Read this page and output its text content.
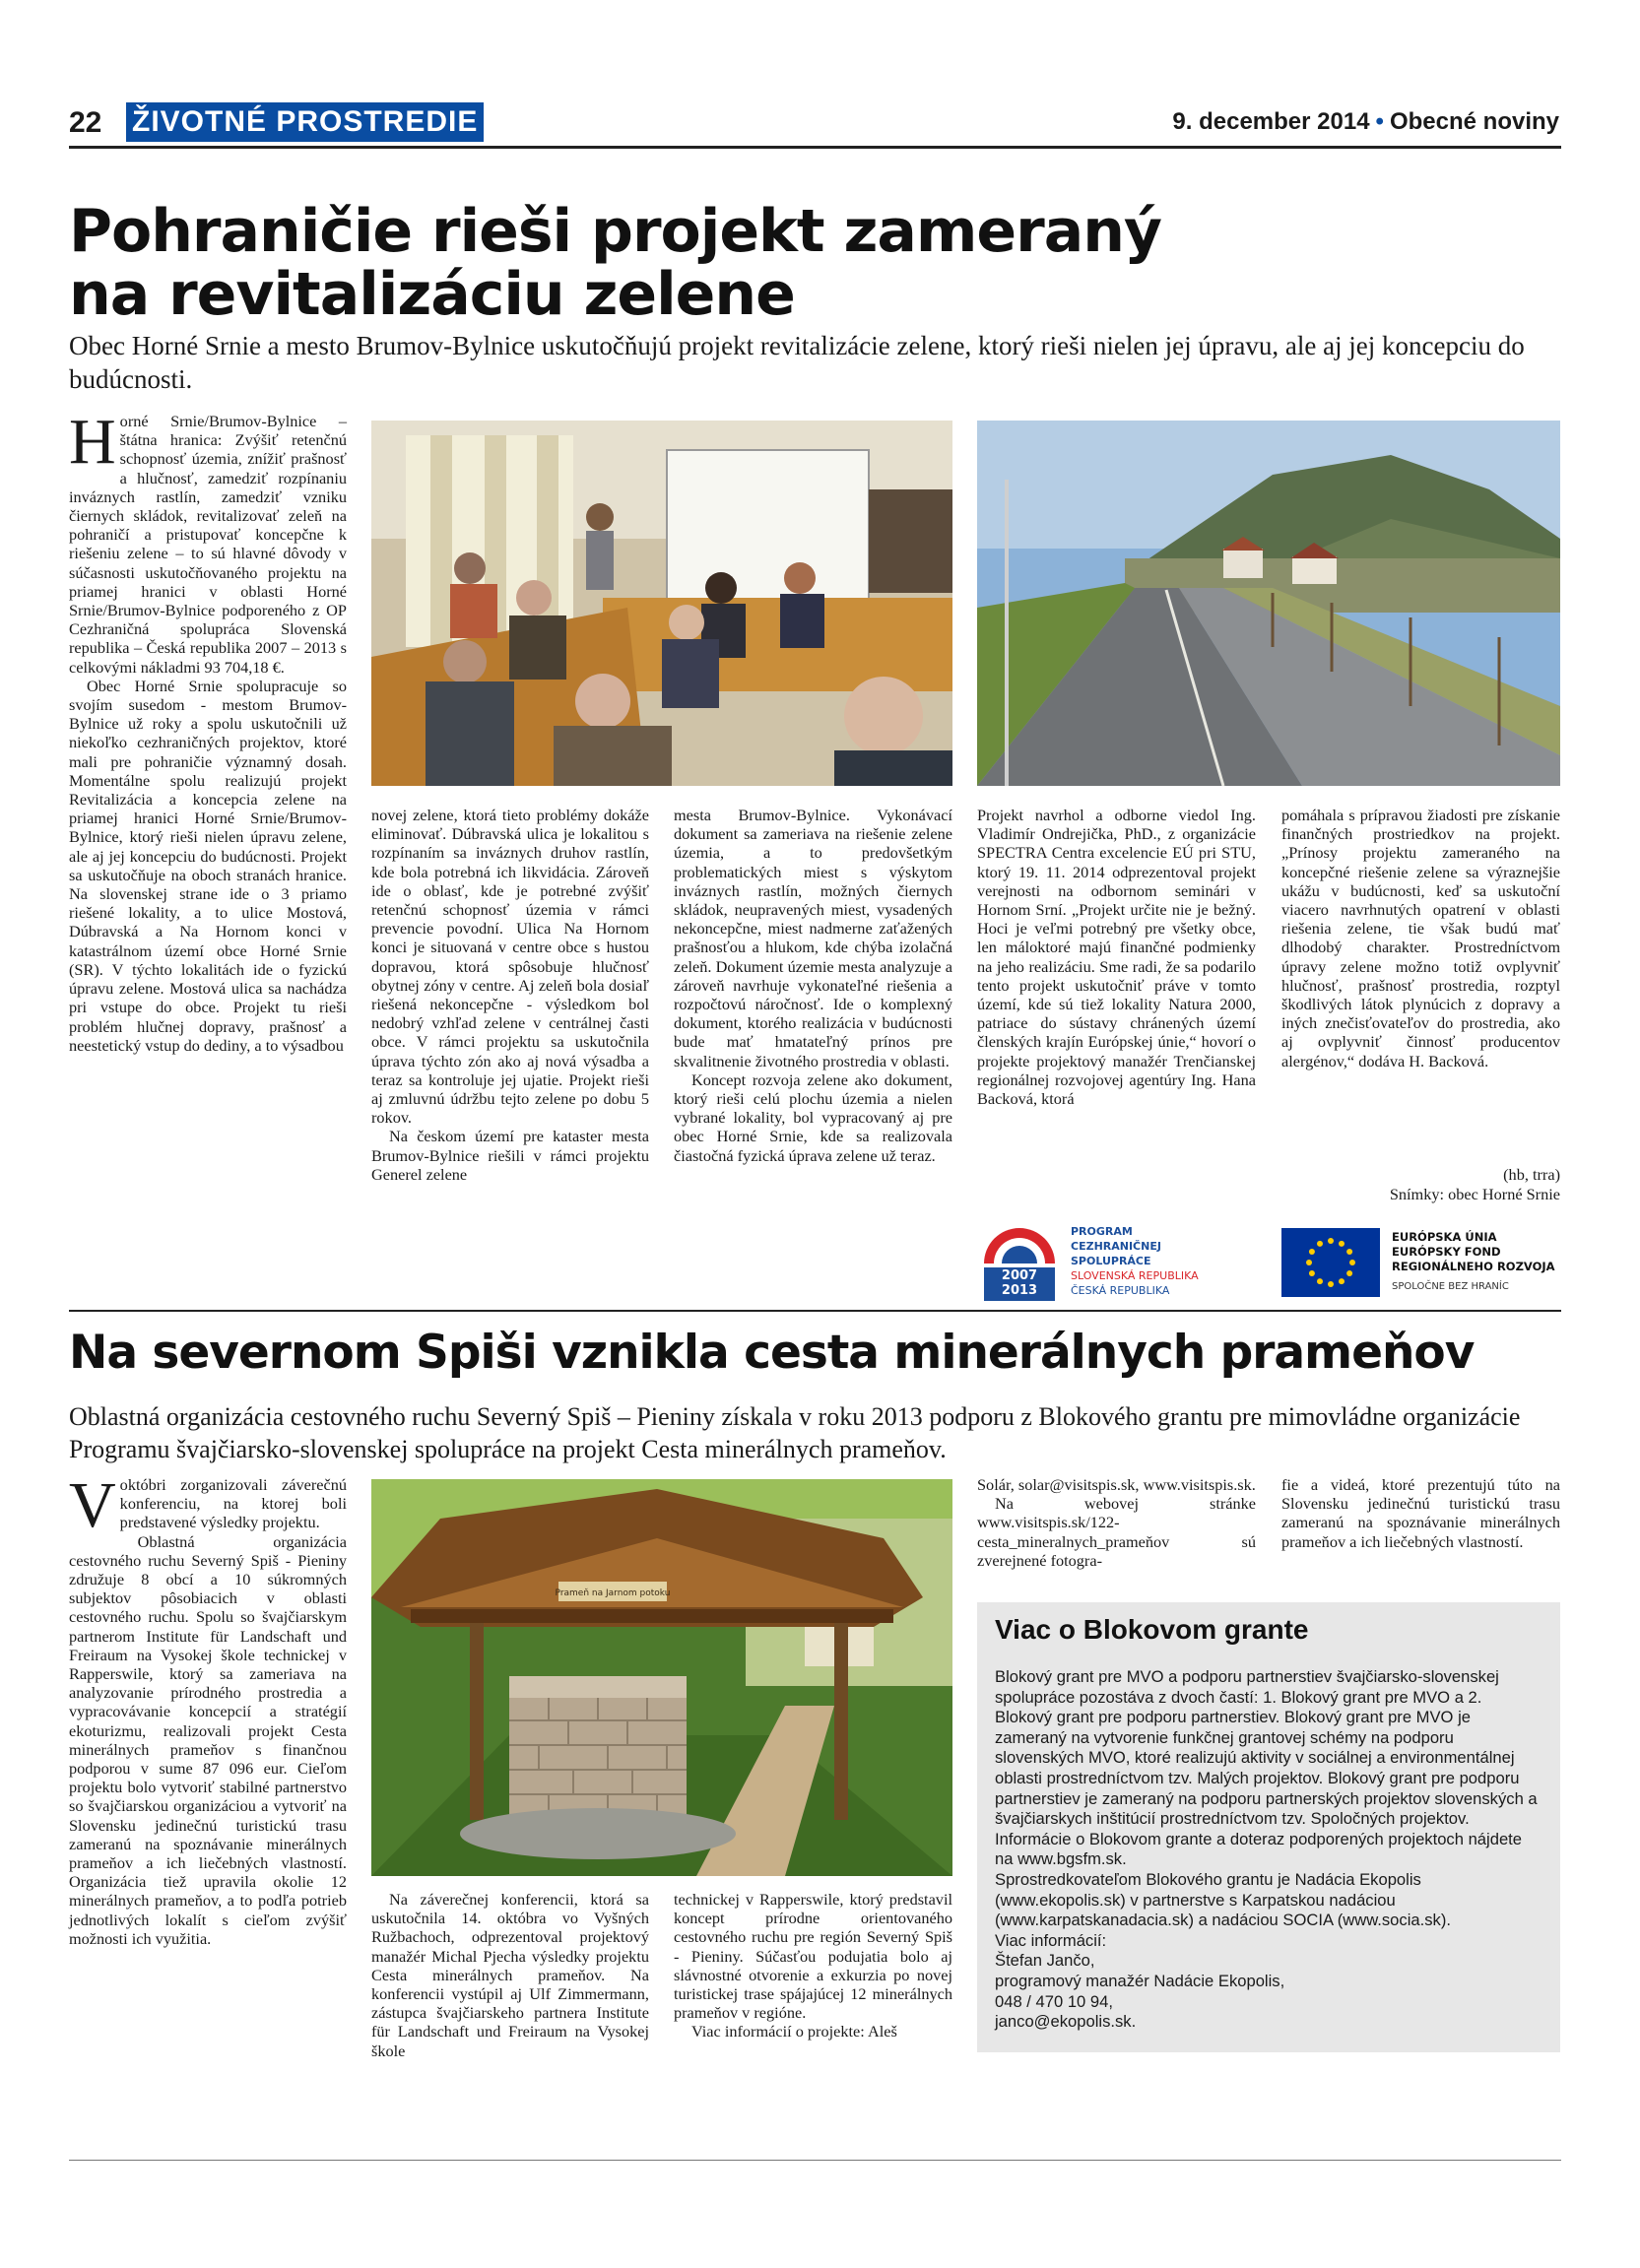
22 ŽIVOTNÉ PROSTREDIE	9. december 2014 • Obecné noviny
Pohraničie rieši projekt zameraný
na revitalizáciu zelene
Obec Horné Srnie a mesto Brumov-Bylnice uskutočňujú projekt revitalizácie zelene, ktorý rieši nielen jej úpravu, ale aj jej koncepciu do budúcnosti.

Horné Srnie/Brumov-Bylnice – štátna hranica: Zvýšiť retenčnú schopnosť územia, znížiť prašnosť a hlučnosť, zamedziť rozpínaniu inváznych rastlín, zamedziť vzniku čiernych skládok, revitalizovať zeleň na pohraničí a pristupovať koncepčne k riešeniu zelene – to sú hlavné dôvody v súčasnosti uskutočňovaného projektu na priamej hranici v oblasti Horné Srnie/Brumov-Bylnice podporeného z OP Cezhraničná spolupráca Slovenská republika – Česká republika 2007 – 2013 s celkovými nákladmi 93 704,18 €.

Obec Horné Srnie spolupracuje so svojím susedom - mestom Brumov-Bylnice už roky a spolu uskutočnili už niekoľko cezhraničných projektov, ktoré mali pre pohraničie významný dosah. Momentálne spolu realizujú projekt Revitalizácia a koncepcia zelene na priamej hranici Horné Srnie/Brumov-Bylnice, ktorý rieši nielen úpravu zelene, ale aj jej koncepciu do budúcnosti. Projekt sa uskutočňuje na oboch stranách hranice. Na slovenskej strane ide o 3 priamo riešené lokality, a to ulice Mostová, Dúbravská a Na Hornom konci v katastrálnom území obce Horné Srnie (SR). V týchto lokalitách ide o fyzickú úpravu zelene. Mostová ulica sa nachádza pri vstupe do obce. Projekt tu rieši problém hlučnej dopravy, prašnosť a neestetický vstup do dediny, a to výsadbou

novej zelene, ktorá tieto problémy dokáže eliminovať. Dúbravská ulica je lokalitou s rozpínaním sa inváznych druhov rastlín, kde bola potrebná ich likvidácia. Zároveň ide o oblasť, kde je potrebné zvýšiť retenčnú schopnosť územia v rámci prevencie povodní. Ulica Na Hornom konci je situovaná v centre obce s hustou dopravou, ktorá spôsobuje hlučnosť obytnej zóny v centre. Aj zeleň bola dosiaľ riešená nekoncepčne - výsledkom bol nedobrý vzhľad zelene v centrálnej časti obce. V rámci projektu sa uskutočnila úprava týchto zón ako aj nová výsadba a teraz sa kontroluje jej ujatie. Projekt rieši aj zmluvnú údržbu tejto zelene po dobu 5 rokov.

Na českom území pre kataster mesta Brumov-Bylnice riešili v rámci projektu Generel zelene

mesta Brumov-Bylnice. Vykonávací dokument sa zameriava na riešenie zelene územia, a to predovšetkým problematických miest s výskytom inváznych rastlín, možných čiernych skládok, neupravených miest, vysadených nekoncepčne, miest nadmerne zaťažených prašnosťou a hlukom, kde chýba izolačná zeleň. Dokument územie mesta analyzuje a zároveň navrhuje vykonateľné riešenia a rozpočtovú náročnosť. Ide o komplexný dokument, ktorého realizácia v budúcnosti bude mať hmatateľný prínos pre skvalitnenie životného prostredia v oblasti.

Koncept rozvoja zelene ako dokument, ktorý rieši celú plochu územia a nielen vybrané lokality, bol vypracovaný aj pre obec Horné Srnie, kde sa realizovala čiastočná fyzická úprava zelene už teraz.

Projekt navrhol a odborne viedol Ing. Vladimír Ondrejička, PhD., z organizácie SPECTRA Centra excelencie EÚ pri STU, ktorý 19. 11. 2014 odprezentoval projekt verejnosti na odbornom seminári v Hornom Srní. „Projekt určite nie je bežný. Hoci je veľmi potrebný pre všetky obce, len máloktoré majú finančné podmienky na jeho realizáciu. Sme radi, že sa podarilo tento projekt uskutočniť práve v tomto území, kde sú tiež lokality Natura 2000, patriace do sústavy chránených území členských krajín Európskej únie,“ hovorí o projekte projektový manažér Trenčianskej regionálnej rozvojovej agentúry Ing. Hana Backová, ktorá

pomáhala s prípravou žiadosti pre získanie finančných prostriedkov na projekt. „Prínosy projektu zameraného na koncepčné riešenie zelene sa výraznejšie ukážu v budúcnosti, keď sa uskutoční viacero navrhnutých opatrení v oblasti riešenia zelene, tie však budú mať dlhodobý charakter. Prostredníctvom úpravy zelene možno totiž ovplyvniť hlučnosť, prašnosť prostredia, rozptyl škodlivých látok plynúcich z dopravy a iných znečisťovateľov do prostredia, ako aj ovplyvniť činnosť producentov alergénov,“ dodáva H. Backová.

(hb, trra)
Snímky: obec Horné Srnie
2007
2013
PROGRAM
CEZHRANIČNEJ
SPOLUPRÁCE
SLOVENSKÁ REPUBLIKA
ČESKÁ REPUBLIKA
EURÓPSKA ÚNIA
EURÓPSKY FOND
REGIONÁLNEHO ROZVOJA
SPOLOČNE BEZ HRANÍC
Na severnom Spiši vznikla cesta minerálnych prameňov
Oblastná organizácia cestovného ruchu Severný Spiš – Pieniny získala v roku 2013 podporu z Blokového grantu pre mimovládne organizácie Programu švajčiarsko-slovenskej spolupráce na projekt Cesta minerálnych prameňov.

Voktóbri zorganizovali záverečnú konferenciu, na ktorej boli predstavené výsledky projektu.

Oblastná organizácia cestovného ruchu Severný Spiš - Pieniny združuje 8 obcí a 10 súkromných subjektov pôsobiacich v oblasti cestovného ruchu. Spolu so švajčiarskym partnerom Institute für Landschaft und Freiraum na Vysokej škole technickej v Rapperswile, ktorý sa zameriava na analyzovanie prírodného prostredia a vypracovávanie koncepcií a stratégií ekoturizmu, realizovali projekt Cesta minerálnych prameňov s finančnou podporou v sume 87 096 eur. Cieľom projektu bolo vytvoriť stabilné partnerstvo so švajčiarskou organizáciou a vytvoriť na Slovensku jedinečnú turistickú trasu zameranú na spoznávanie minerálnych prameňov a ich liečebných vlastností. Organizácia tiež upravila okolie 12 minerálnych prameňov, a to podľa potrieb jednotlivých lokalít s cieľom zvýšiť možnosti ich využitia.

Prameň na Jarnom potoku

Na záverečnej konferencii, ktorá sa uskutočnila 14. októbra vo Vyšných Ružbachoch, odprezentoval projektový manažér Michal Pjecha výsledky projektu Cesta minerálnych prameňov. Na konferencii vystúpil aj Ulf Zimmermann, zástupca švajčiarskeho partnera Institute für Landschaft und Freiraum na Vysokej škole

technickej v Rapperswile, ktorý predstavil koncept prírodne orientovaného cestovného ruchu pre región Severný Spiš - Pieniny. Súčasťou podujatia bolo aj slávnostné otvorenie a exkurzia po novej turistickej trase spájajúcej 12 minerálnych prameňov v regióne.

Viac informácií o projekte: Aleš

Solár, solar@visitspis.sk, www.visitspis.sk.

Na webovej stránke www.visitspis.sk/122-cesta_mineralnych_prameňov sú zverejnené fotogra-

fie a videá, ktoré prezentujú túto na Slovensku jedinečnú turistickú trasu zameranú na spoznávanie minerálnych prameňov a ich liečebných vlastností.

Viac o Blokovom grante
Blokový grant pre MVO a podporu partnerstiev švajčiarsko-slovenskej spolupráce pozostáva z dvoch častí: 1. Blokový grant pre MVO a 2. Blokový grant pre podporu partnerstiev. Blokový grant pre MVO je zameraný na vytvorenie funkčnej grantovej schémy na podporu slovenských MVO, ktoré realizujú aktivity v sociálnej a environmentálnej oblasti prostredníctvom tzv. Malých projektov. Blokový grant pre podporu partnerstiev je zameraný na podporu partnerských projektov slovenských a švajčiarskych inštitúcií prostredníctvom tzv. Spoločných projektov. Informácie o Blokovom grante a doteraz podporených projektoch nájdete na www.bgsfm.sk.
Sprostredkovateľom Blokového grantu je Nadácia Ekopolis (www.ekopolis.sk) v partnerstve s Karpatskou nadáciou (www.karpatskanadacia.sk) a nadáciou SOCIA (www.socia.sk).
Viac informácií:
Štefan Jančo,
programový manažér Nadácie Ekopolis,
048 / 470 10 94,
janco@ekopolis.sk.
